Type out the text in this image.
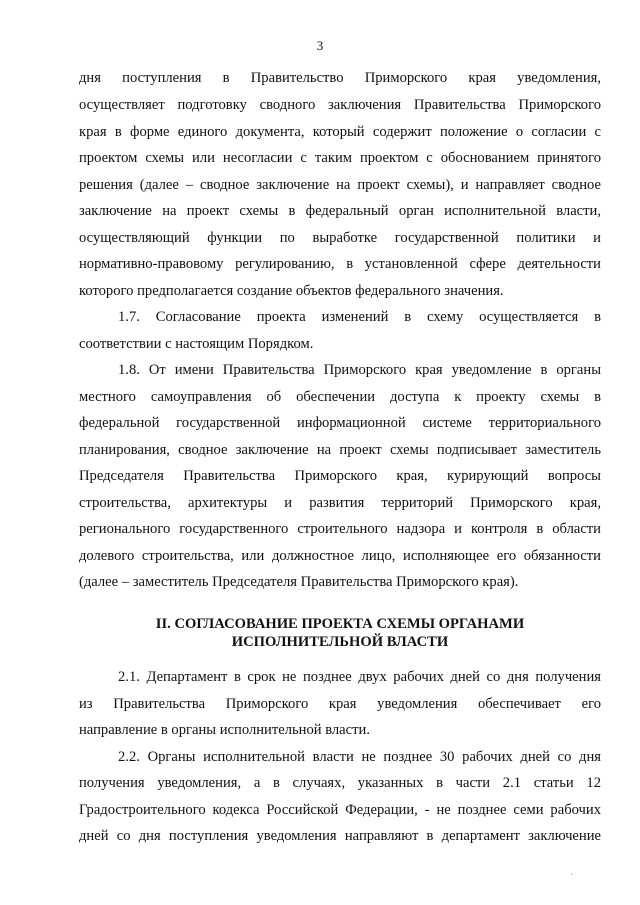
3
дня поступления в Правительство Приморского края уведомления,
осуществляет подготовку сводного заключения Правительства Приморского
края в форме единого документа, который содержит положение о согласии с
проектом схемы или несогласии с таким проектом с обоснованием принятого
решения (далее – сводное заключение на проект схемы), и направляет сводное
заключение на проект схемы в федеральный орган исполнительной власти,
осуществляющий функции по выработке государственной политики и
нормативно-правовому регулированию, в установленной сфере деятельности
которого предполагается создание объектов федерального значения.
1.7. Согласование проекта изменений в схему осуществляется в
соответствии с настоящим Порядком.
1.8. От имени Правительства Приморского края уведомление в органы
местного самоуправления об обеспечении доступа к проекту схемы в
федеральной государственной информационной системе территориального
планирования, сводное заключение на проект схемы подписывает заместитель
Председателя Правительства Приморского края, курирующий вопросы
строительства, архитектуры и развития территорий Приморского края,
регионального государственного строительного надзора и контроля в области
долевого строительства, или должностное лицо, исполняющее его обязанности
(далее – заместитель Председателя Правительства Приморского края).
II. СОГЛАСОВАНИЕ ПРОЕКТА СХЕМЫ ОРГАНАМИ
ИСПОЛНИТЕЛЬНОЙ ВЛАСТИ
2.1. Департамент в срок не позднее двух рабочих дней со дня получения
из Правительства Приморского края уведомления обеспечивает его
направление в органы исполнительной власти.
2.2. Органы исполнительной власти не позднее 30 рабочих дней со дня
получения уведомления, а в случаях, указанных в части 2.1 статьи 12
Градостроительного кодекса Российской Федерации, - не позднее семи рабочих
дней со дня поступления уведомления направляют в департамент заключение
·
